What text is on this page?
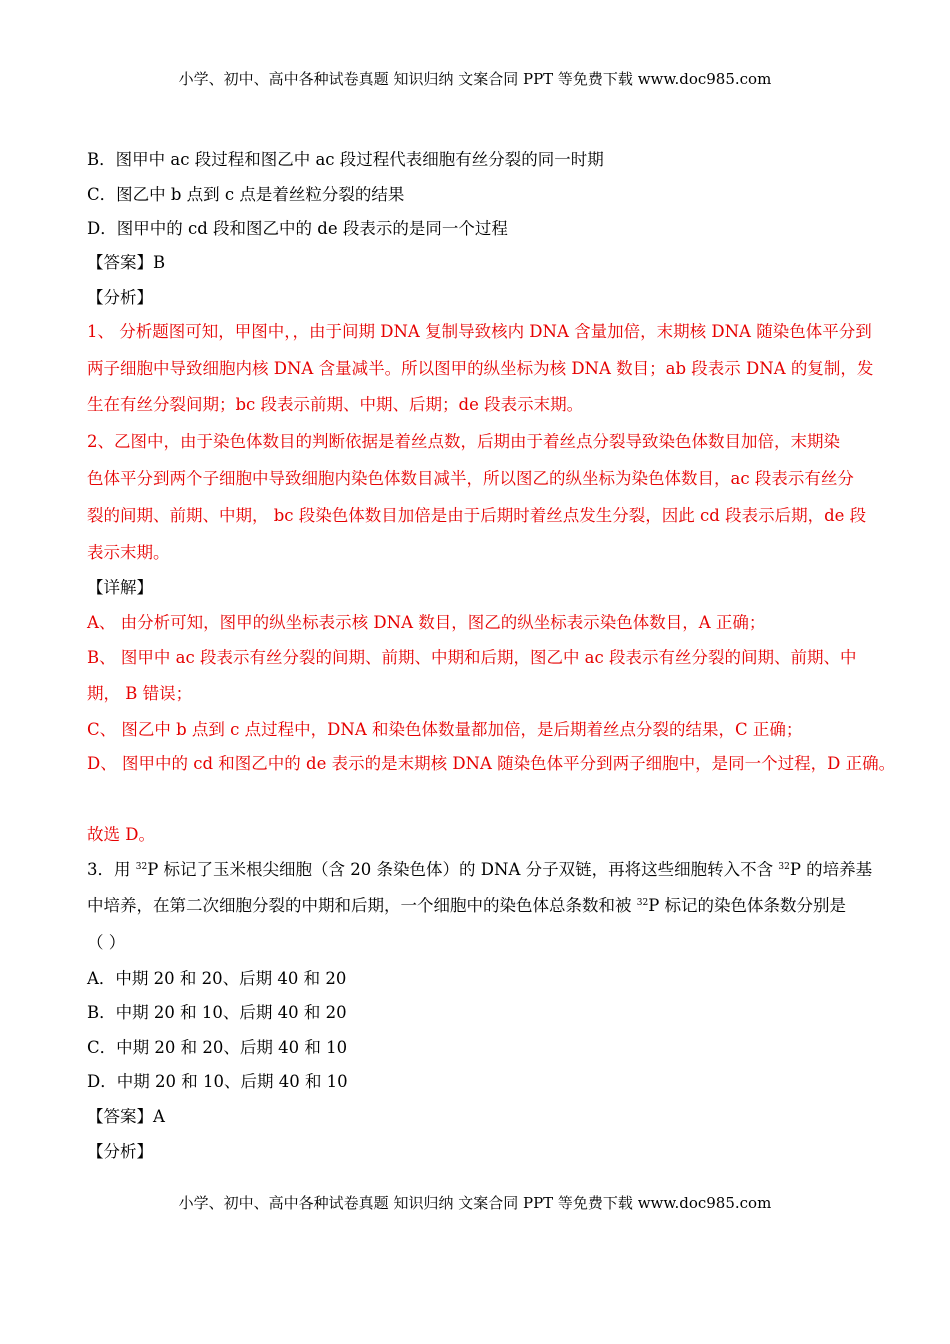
小学、初中、高中各种试卷真题 知识归纳 文案合同 PPT 等免费下载 www.doc985.com
B．图甲中 ac 段过程和图乙中 ac 段过程代表细胞有丝分裂的同一时期
C．图乙中 b 点到 c 点是着丝粒分裂的结果
D．图甲中的 cd 段和图乙中的 de 段表示的是同一个过程
【答案】B
【分析】
1、 分析题图可知，甲图中，，由于间期 DNA 复制导致核内 DNA 含量加倍，末期核 DNA 随染色体平分到
两子细胞中导致细胞内核 DNA 含量减半。所以图甲的纵坐标为核 DNA 数目；ab 段表示 DNA 的复制，发
生在有丝分裂间期；bc 段表示前期、中期、后期；de 段表示末期。
2、乙图中，由于染色体数目的判断依据是着丝点数，后期由于着丝点分裂导致染色体数目加倍，末期染
色体平分到两个子细胞中导致细胞内染色体数目减半，所以图乙的纵坐标为染色体数目，ac 段表示有丝分
裂的间期、前期、中期， bc 段染色体数目加倍是由于后期时着丝点发生分裂，因此 cd 段表示后期，de 段
表示末期。
【详解】
A、 由分析可知，图甲的纵坐标表示核 DNA 数目，图乙的纵坐标表示染色体数目，A 正确；
B、 图甲中 ac 段表示有丝分裂的间期、前期、中期和后期，图乙中 ac 段表示有丝分裂的间期、前期、中
期， B 错误；
C、 图乙中 b 点到 c 点过程中，DNA 和染色体数量都加倍，是后期着丝点分裂的结果，C 正确；
D、 图甲中的 cd 和图乙中的 de 表示的是末期核 DNA 随染色体平分到两子细胞中，是同一个过程，D 正确。
故选 D。
3．用 $^{32}$P 标记了玉米根尖细胞（含 20 条染色体）的 DNA 分子双链，再将这些细胞转入不含 $^{32}$P 的培养基
中培养，在第二次细胞分裂的中期和后期，一个细胞中的染色体总条数和被 $^{32}$P 标记的染色体条数分别是
（ ）
A．中期 20 和 20、后期 40 和 20
B．中期 20 和 10、后期 40 和 20
C．中期 20 和 20、后期 40 和 10
D．中期 20 和 10、后期 40 和 10
【答案】A
【分析】
小学、初中、高中各种试卷真题 知识归纳 文案合同 PPT 等免费下载 www.doc985.com
